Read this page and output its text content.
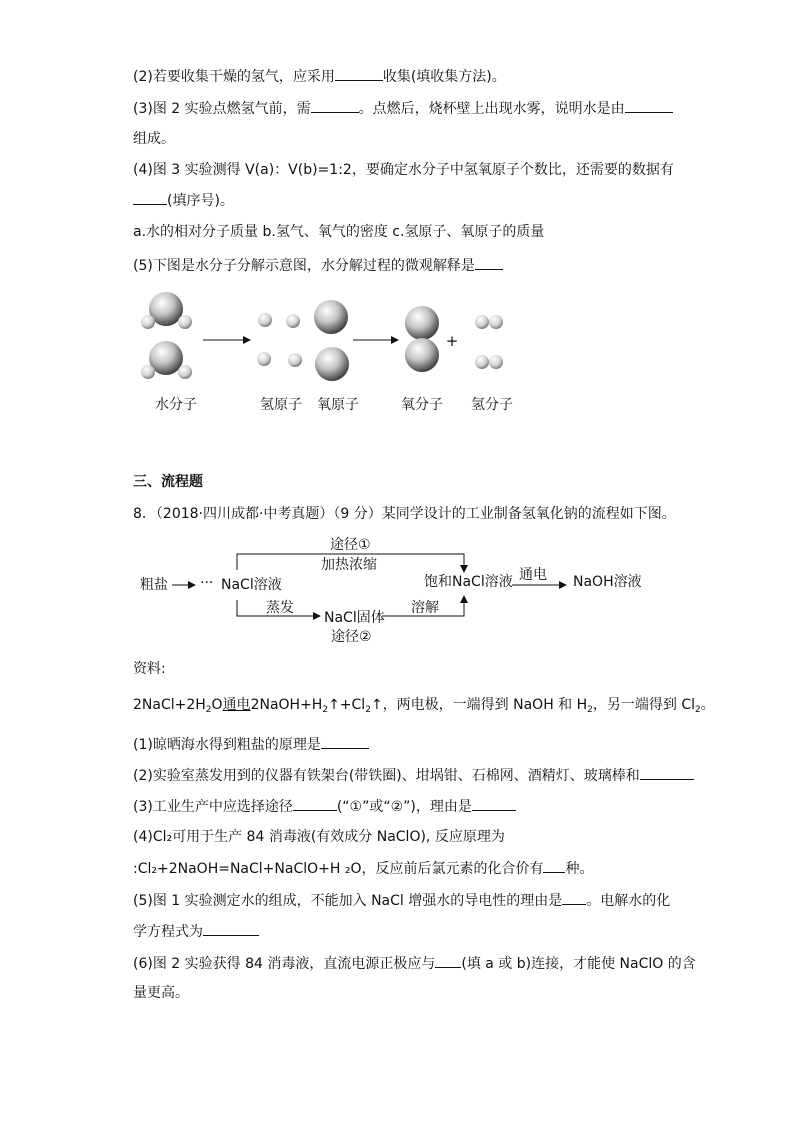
(2)若要收集干燥的氢气，应采用	收集(填收集方法)。
(3)图 2 实验点燃氢气前，需	。点燃后，烧杯壁上出现水雾，说明水是由
组成。
(4)图 3 实验测得 V(a)：V(b)=1:2，要确定水分子中氢氧原子个数比，还需要的数据有
(填序号)。
a.水的相对分子质量 b.氢气、氧气的密度 c.氢原子、氧原子的质量
(5)下图是水分子分解示意图，水分解过程的微观解释是
+
水分子	氢原子 氧原子	氧分子 氢分子
三、流程题
8．（2018·四川成都·中考真题）（9 分）某同学设计的工业制备氢氧化钠的流程如下图。
粗盐 ··· NaCl溶液
途径①
加热浓缩
饱和NaCl溶液 通电 NaOH溶液
蒸发
NaCl固体
溶解
途径②
资料:
$2NaCl+2H_2O$通电$2NaOH+H_2↑+Cl_2↑$，两电极，一端得到 NaOH 和 $H_2$，另一端得到 $Cl_2$。
(1)晾晒海水得到粗盐的原理是
(2)实验室蒸发用到的仪器有铁架台(带铁圈)、坩埚钳、石棉网、酒精灯、玻璃棒和
(3)工业生产中应选择途径	(“①”或“②”)，理由是
(4)Cl₂可用于生产 84 消毒液(有效成分 NaClO), 反应原理为
:Cl₂+2NaOH=NaCl+NaClO+H ₂O，反应前后氯元素的化合价有 种。
(5)图 1 实验测定水的组成，不能加入 NaCl 增强水的导电性的理由是 。电解水的化
学方程式为
(6)图 2 实验获得 84 消毒液，直流电源正极应与 (填 a 或 b)连接，才能使 NaClO 的含
量更高。
